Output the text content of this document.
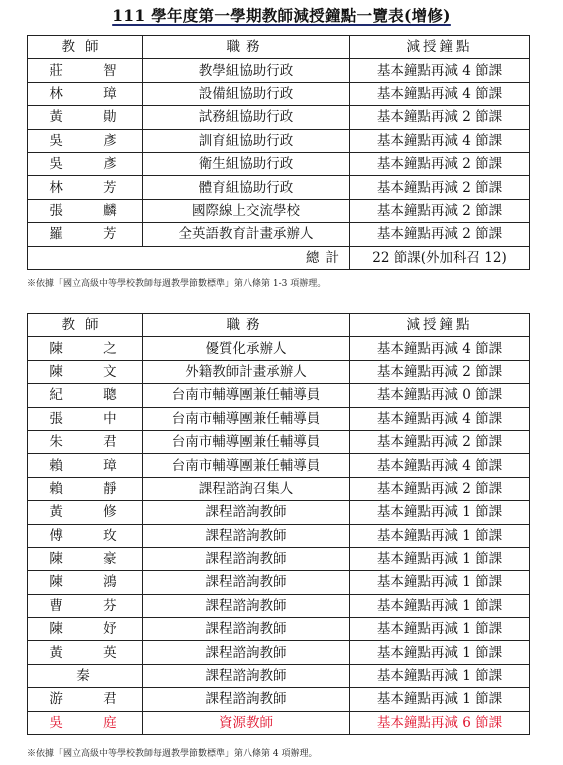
111 學年度第一學期教師減授鐘點一覽表(增修)
教師	職務	減授鐘點
莊 智	教學組協助行政	基本鐘點再減 4 節課
林 璋	設備組協助行政	基本鐘點再減 4 節課
黃 勛	試務組協助行政	基本鐘點再減 2 節課
吳 彥	訓育組協助行政	基本鐘點再減 4 節課
吳 彥	衛生組協助行政	基本鐘點再減 2 節課
林 芳	體育組協助行政	基本鐘點再減 2 節課
張 麟	國際線上交流學校	基本鐘點再減 2 節課
羅 芳	全英語教育計畫承辦人	基本鐘點再減 2 節課
總計		22 節課(外加科召 12)
※依據「國立高級中等學校教師每週教學節數標準」第八條第 1-3 項辦理。
教師	職務	減授鐘點
陳 之	優質化承辦人	基本鐘點再減 4 節課
陳 文	外籍教師計畫承辦人	基本鐘點再減 2 節課
紀 聰	台南市輔導團兼任輔導員	基本鐘點再減 0 節課
張 中	台南市輔導團兼任輔導員	基本鐘點再減 4 節課
朱 君	台南市輔導團兼任輔導員	基本鐘點再減 2 節課
賴 璋	台南市輔導團兼任輔導員	基本鐘點再減 4 節課
賴 靜	課程諮詢召集人	基本鐘點再減 2 節課
黃 修	課程諮詢教師	基本鐘點再減 1 節課
傅 玫	課程諮詢教師	基本鐘點再減 1 節課
陳 豪	課程諮詢教師	基本鐘點再減 1 節課
陳 鴻	課程諮詢教師	基本鐘點再減 1 節課
曹 芬	課程諮詢教師	基本鐘點再減 1 節課
陳 妤	課程諮詢教師	基本鐘點再減 1 節課
黃 英	課程諮詢教師	基本鐘點再減 1 節課
秦	課程諮詢教師	基本鐘點再減 1 節課
游 君	課程諮詢教師	基本鐘點再減 1 節課
吳 庭	資源教師	基本鐘點再減 6 節課
※依據「國立高級中等學校教師每週教學節數標準」第八條第 4 項辦理。
